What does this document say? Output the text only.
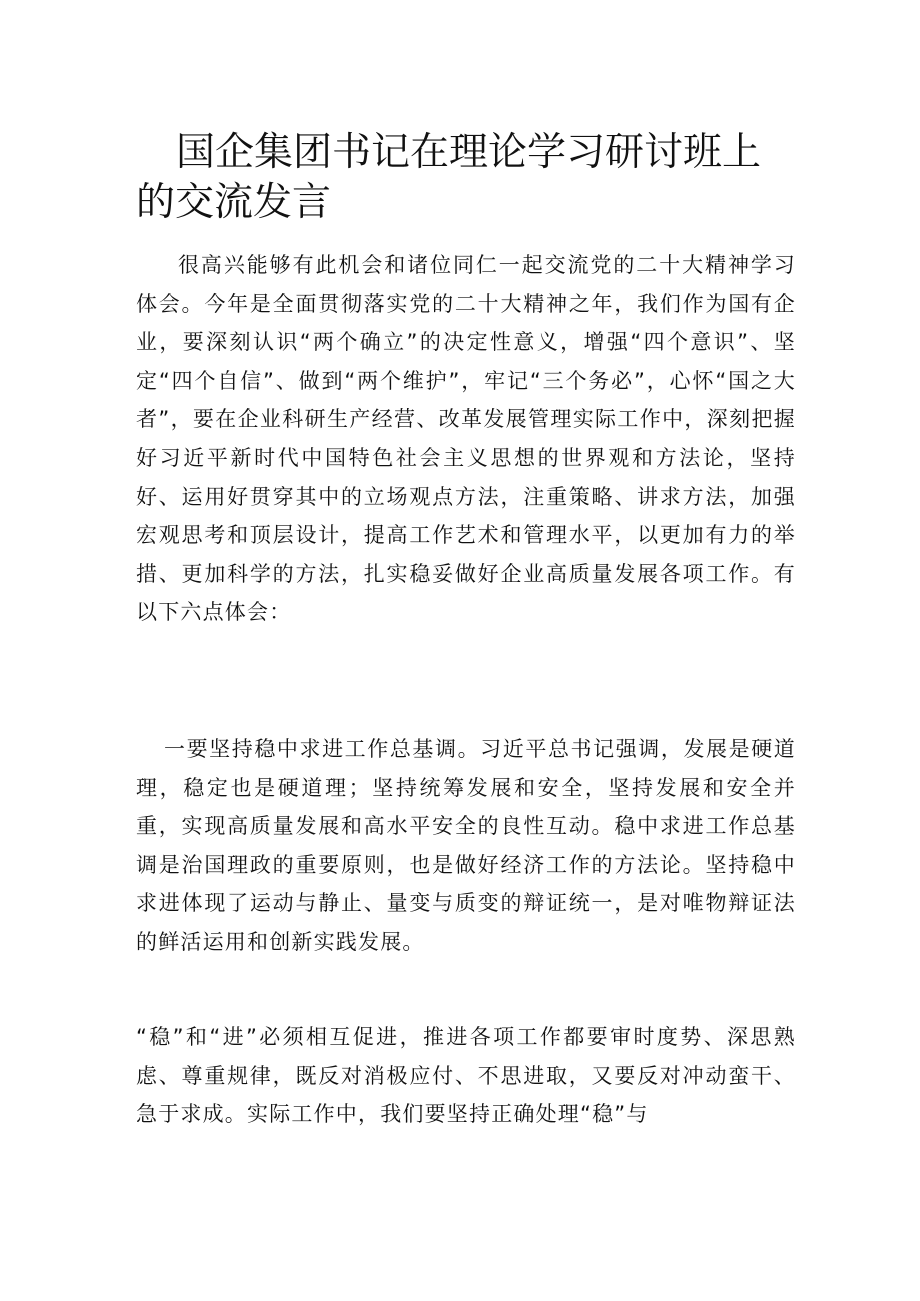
国企集团书记在理论学习研讨班上的交流发言

很高兴能够有此机会和诸位同仁一起交流党的二十大精神学习体会。今年是全面贯彻落实党的二十大精神之年，我们作为国有企业，要深刻认识“两个确立”的决定性意义，增强“四个意识”、坚定“四个自信”、做到“两个维护”，牢记“三个务必”，心怀“国之大者”，要在企业科研生产经营、改革发展管理实际工作中，深刻把握好习近平新时代中国特色社会主义思想的世界观和方法论，坚持好、运用好贯穿其中的立场观点方法，注重策略、讲求方法，加强宏观思考和顶层设计，提高工作艺术和管理水平，以更加有力的举措、更加科学的方法，扎实稳妥做好企业高质量发展各项工作。有以下六点体会：

一要坚持稳中求进工作总基调。习近平总书记强调，发展是硬道理，稳定也是硬道理；坚持统筹发展和安全，坚持发展和安全并重，实现高质量发展和高水平安全的良性互动。稳中求进工作总基调是治国理政的重要原则，也是做好经济工作的方法论。坚持稳中求进体现了运动与静止、量变与质变的辩证统一，是对唯物辩证法的鲜活运用和创新实践发展。

“稳”和“进”必须相互促进，推进各项工作都要审时度势、深思熟虑、尊重规律，既反对消极应付、不思进取，又要反对冲动蛮干、急于求成。实际工作中，我们要坚持正确处理“稳”与
